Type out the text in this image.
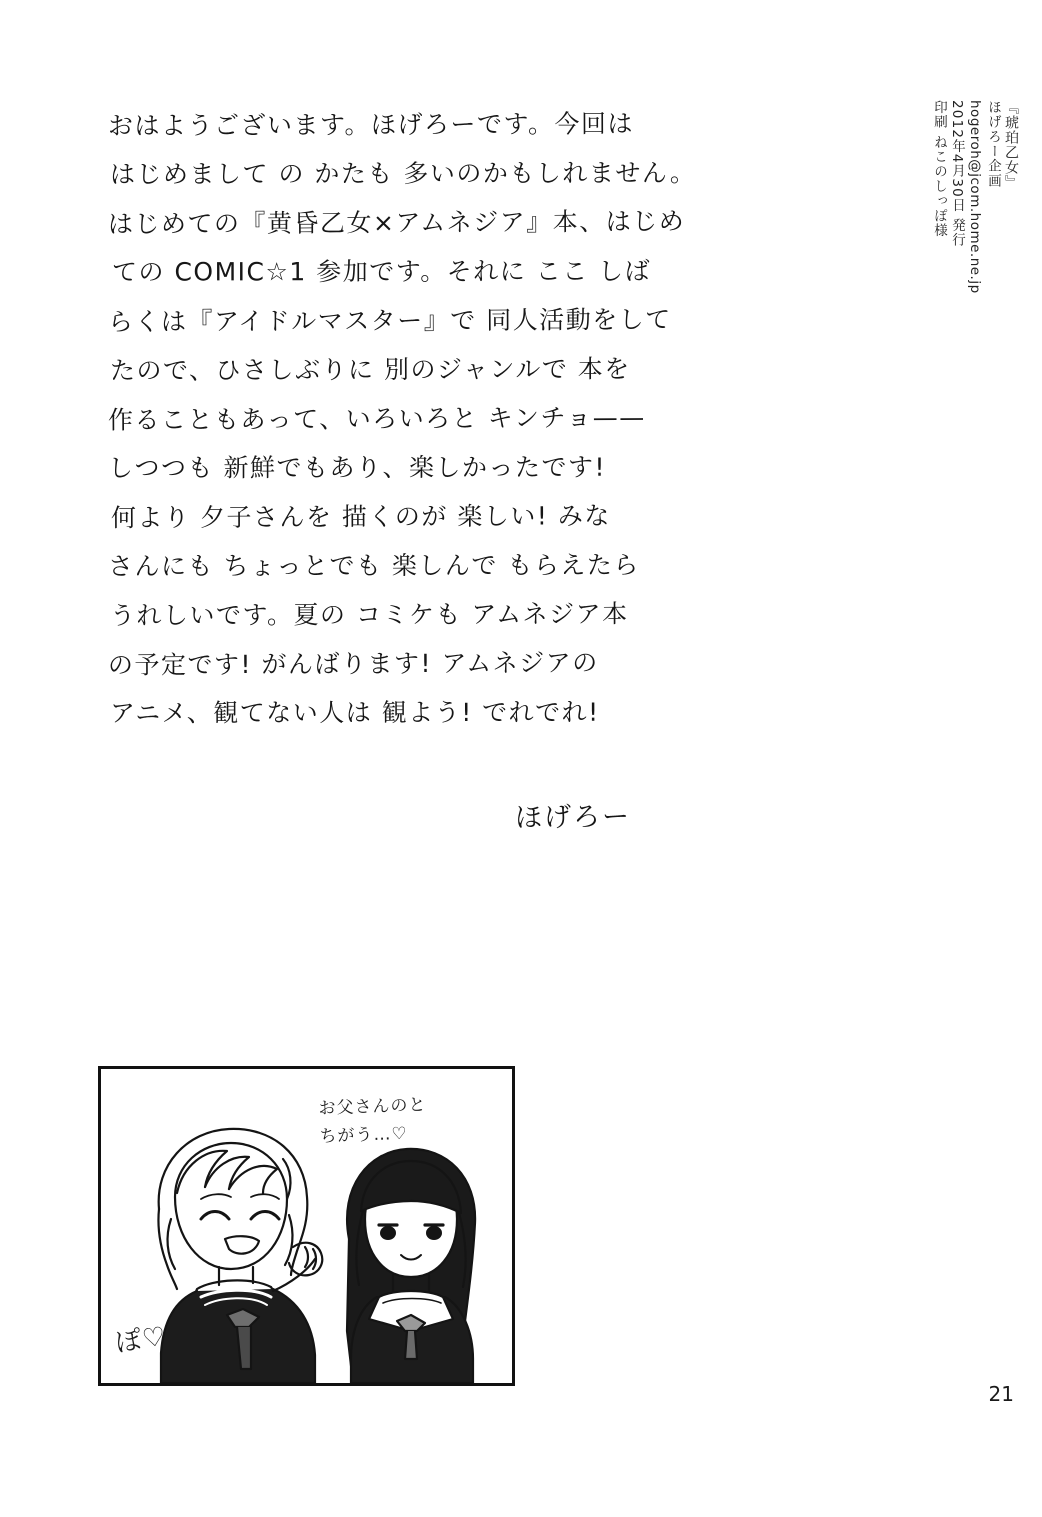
おはようございます。ほげろーです。今回は
はじめまして の かたも 多いのかもしれません。
はじめての『黄昏乙女×アムネジア』本、はじめ
ての COMIC☆1 参加です。それに ここ しば
らくは『アイドルマスター』で 同人活動をして
たので、ひさしぶりに 別のジャンルで 本を
作ることもあって、いろいろと キンチョ——
しつつも 新鮮でもあり、楽しかったです!
何より 夕子さんを 描くのが 楽しい! みな
さんにも ちょっとでも 楽しんで もらえたら
うれしいです。夏の コミケも アムネジア本
の予定です! がんばります! アムネジアの
アニメ、観てない人は 観よう! でれでれ!
ほげろー
『琥珀乙女』
ほげろー企画
hogeroh@jcom.home.ne.jp
2012年4月30日 発行
印刷 ねこのしっぽ様
21
お父さんのと
ちがう…♡
ぽ♡
